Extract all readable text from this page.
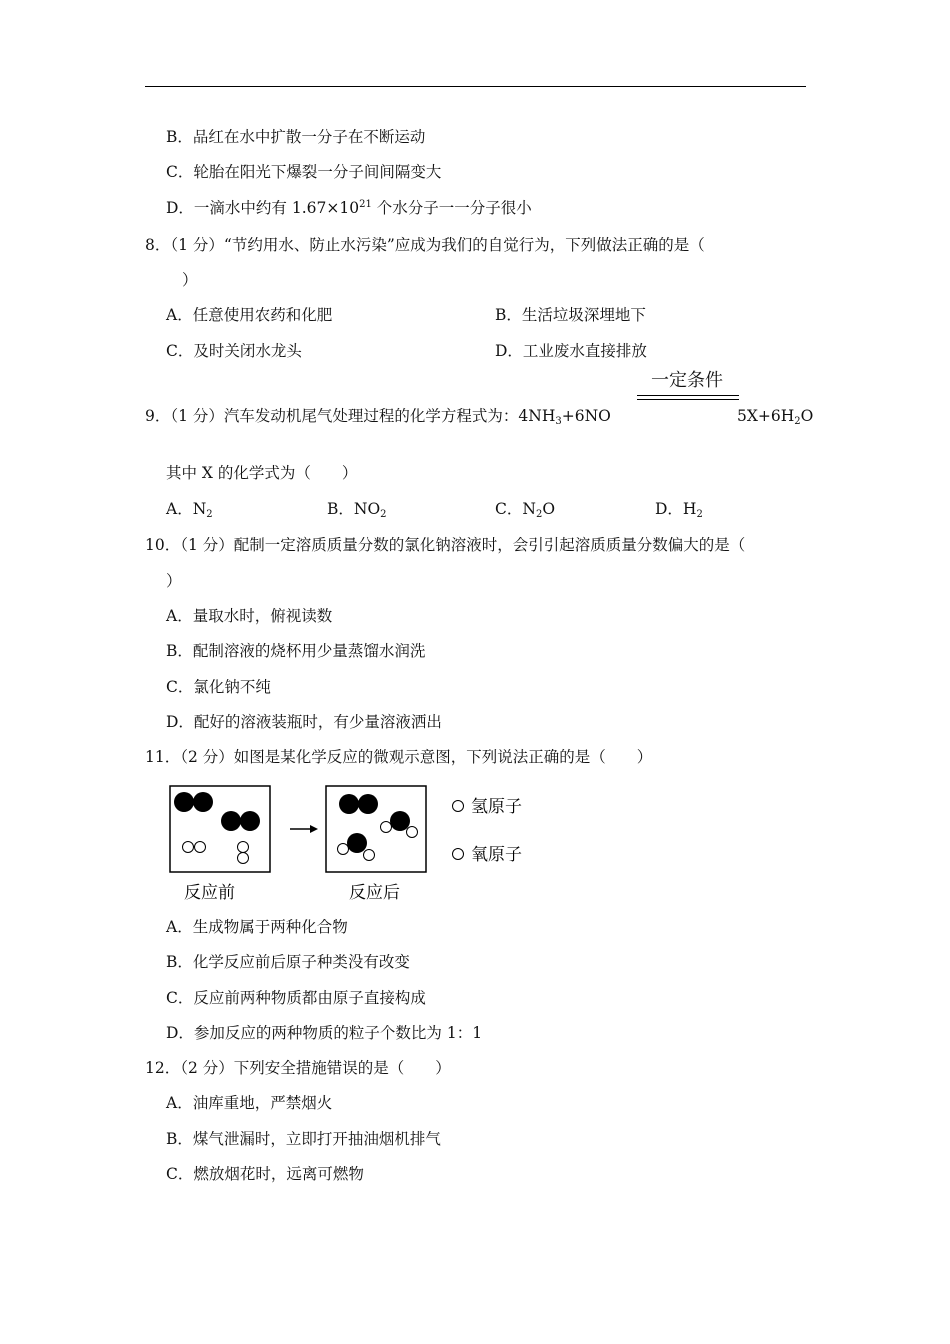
B．品红在水中扩散一分子在不断运动
C．轮胎在阳光下爆裂一分子间间隔变大
D．一滴水中约有 $1.67\times 10^{21}$ 个水分子一一分子很小
8．（1 分）“节约用水、防止水污染”应成为我们的自觉行为，下列做法正确的是（
）
A．任意使用农药和化肥	B．生活垃圾深埋地下
C．及时关闭水龙头	D．工业废水直接排放
一定条件
9．（1 分）汽车发动机尾气处理过程的化学方程式为：$4NH_3+6NO$	$5X+6H_2O$
其中 X 的化学式为（　　）
A．$N_2$	B．$NO_2$	C．$N_2O$	D．$H_2$
10．（1 分）配制一定溶质质量分数的氯化钠溶液时，会引引起溶质质量分数偏大的是（
）
A．量取水时，俯视读数
B．配制溶液的烧杯用少量蒸馏水润洗
C．氯化钠不纯
D．配好的溶液装瓶时，有少量溶液洒出
11．（2 分）如图是某化学反应的微观示意图，下列说法正确的是（　　）
氢原子
氧原子
反应前	反应后
A．生成物属于两种化合物
B．化学反应前后原子种类没有改变
C．反应前两种物质都由原子直接构成
D．参加反应的两种物质的粒子个数比为 1：1
12．（2 分）下列安全措施错误的是（　　）
A．油库重地，严禁烟火
B．煤气泄漏时，立即打开抽油烟机排气
C．燃放烟花时，远离可燃物
